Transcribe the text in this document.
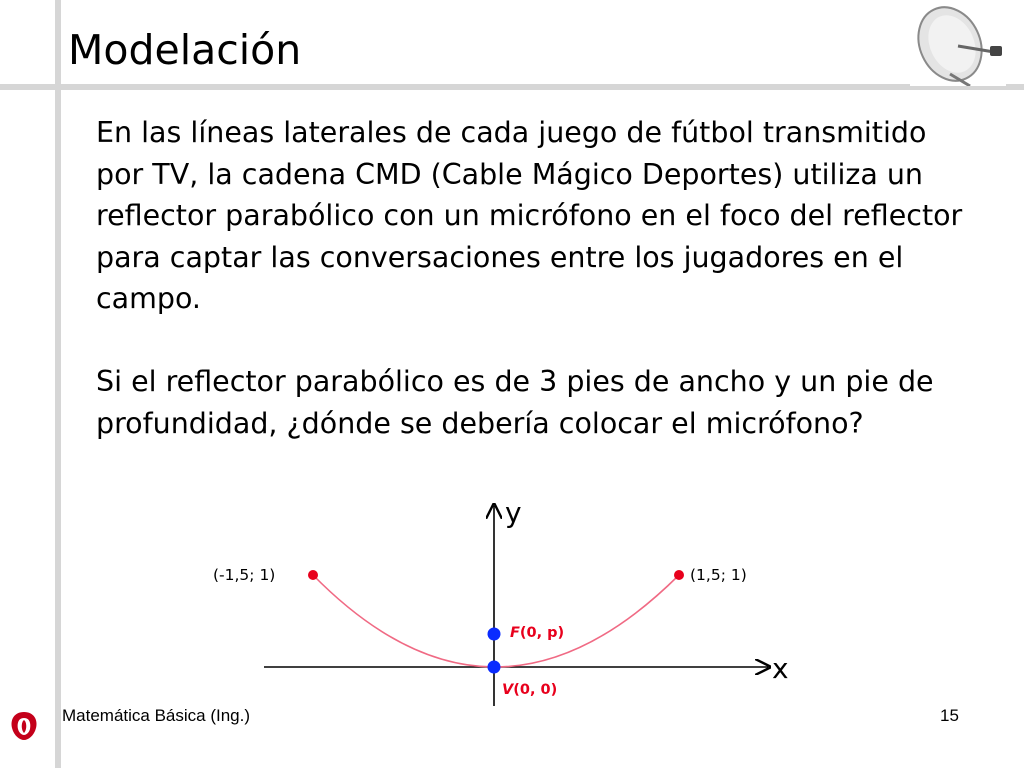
Modelación

En las líneas laterales de cada juego de fútbol transmitido por TV, la cadena CMD (Cable Mágico Deportes) utiliza un reflector parabólico con un micrófono en el foco del reflector para captar las conversaciones entre los jugadores en el campo.

Si el reflector parabólico es de 3 pies de ancho y un pie de profundidad, ¿dónde se debería colocar el micrófono?

y
x
(-1,5; 1)	(1,5; 1)
F(0, p)
V(0, 0)
Matemática Básica (Ing.)	15
